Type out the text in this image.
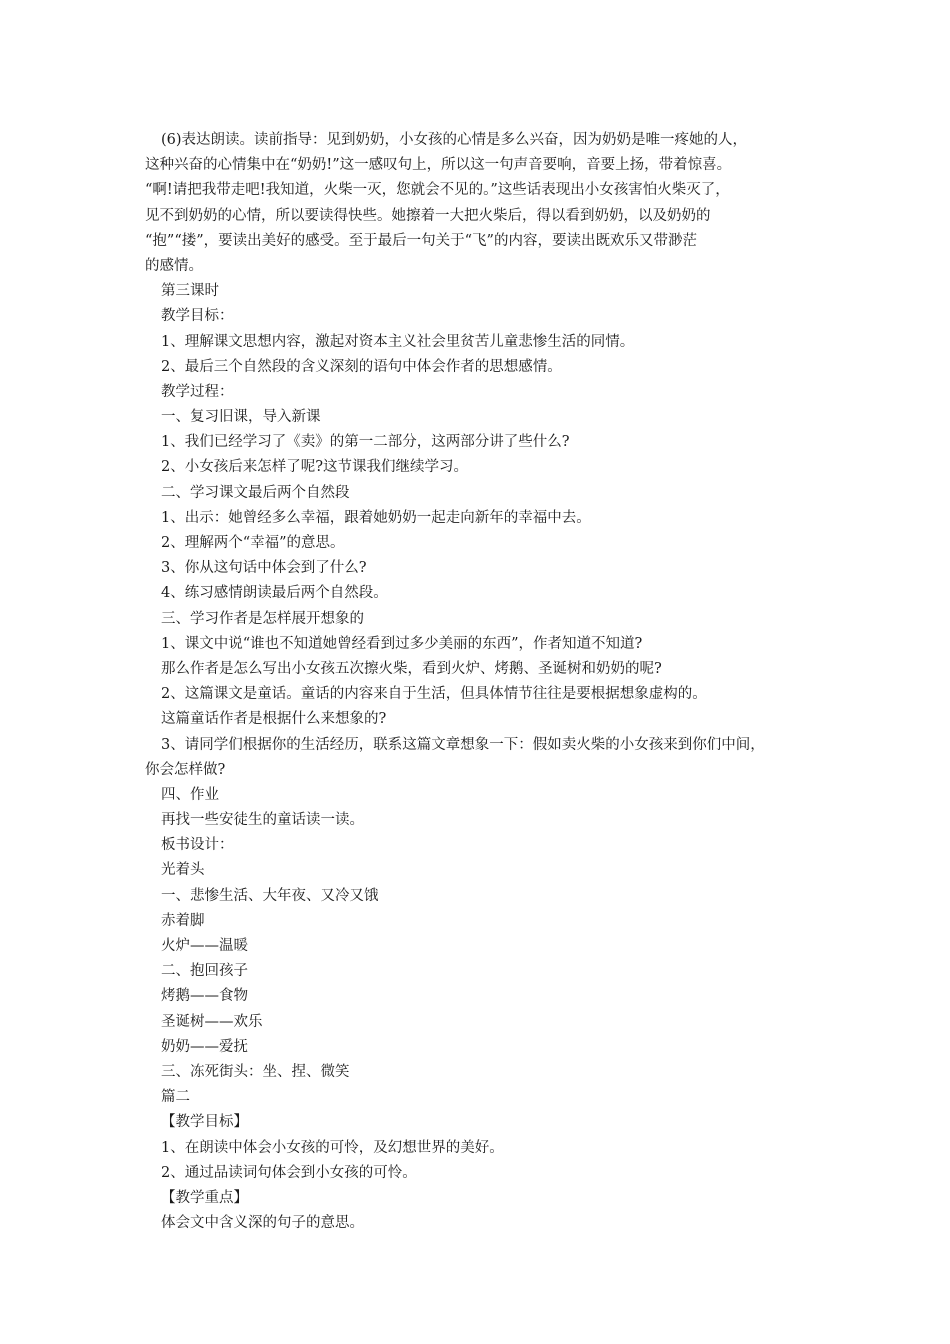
(6)表达朗读。读前指导：见到奶奶，小女孩的心情是多么兴奋，因为奶奶是唯一疼她的人，
这种兴奋的心情集中在“奶奶!”这一感叹句上，所以这一句声音要响，音要上扬，带着惊喜。
“啊!请把我带走吧!我知道，火柴一灭，您就会不见的。”这些话表现出小女孩害怕火柴灭了，
见不到奶奶的心情，所以要读得快些。她擦着一大把火柴后，得以看到奶奶，以及奶奶的
“抱”“搂”，要读出美好的感受。至于最后一句关于“飞”的内容，要读出既欢乐又带渺茫
的感情。
第三课时
教学目标：
1、理解课文思想内容，激起对资本主义社会里贫苦儿童悲惨生活的同情。
2、最后三个自然段的含义深刻的语句中体会作者的思想感情。
教学过程：
一、复习旧课，导入新课
1、我们已经学习了《卖》的第一二部分，这两部分讲了些什么?
2、小女孩后来怎样了呢?这节课我们继续学习。
二、学习课文最后两个自然段
1、出示：她曾经多么幸福，跟着她奶奶一起走向新年的幸福中去。
2、理解两个“幸福”的意思。
3、你从这句话中体会到了什么?
4、练习感情朗读最后两个自然段。
三、学习作者是怎样展开想象的
1、课文中说“谁也不知道她曾经看到过多少美丽的东西”，作者知道不知道?
那么作者是怎么写出小女孩五次擦火柴，看到火炉、烤鹅、圣诞树和奶奶的呢?
2、这篇课文是童话。童话的内容来自于生活，但具体情节往往是要根据想象虚构的。
这篇童话作者是根据什么来想象的?
3、请同学们根据你的生活经历，联系这篇文章想象一下：假如卖火柴的小女孩来到你们中间，
你会怎样做?
四、作业
再找一些安徒生的童话读一读。
板书设计：
光着头
一、悲惨生活、大年夜、又冷又饿
赤着脚
火炉——温暖
二、抱回孩子
烤鹅——食物
圣诞树——欢乐
奶奶——爱抚
三、冻死街头：坐、捏、微笑
篇二
【教学目标】
1、在朗读中体会小女孩的可怜，及幻想世界的美好。
2、通过品读词句体会到小女孩的可怜。
【教学重点】
体会文中含义深的句子的意思。
